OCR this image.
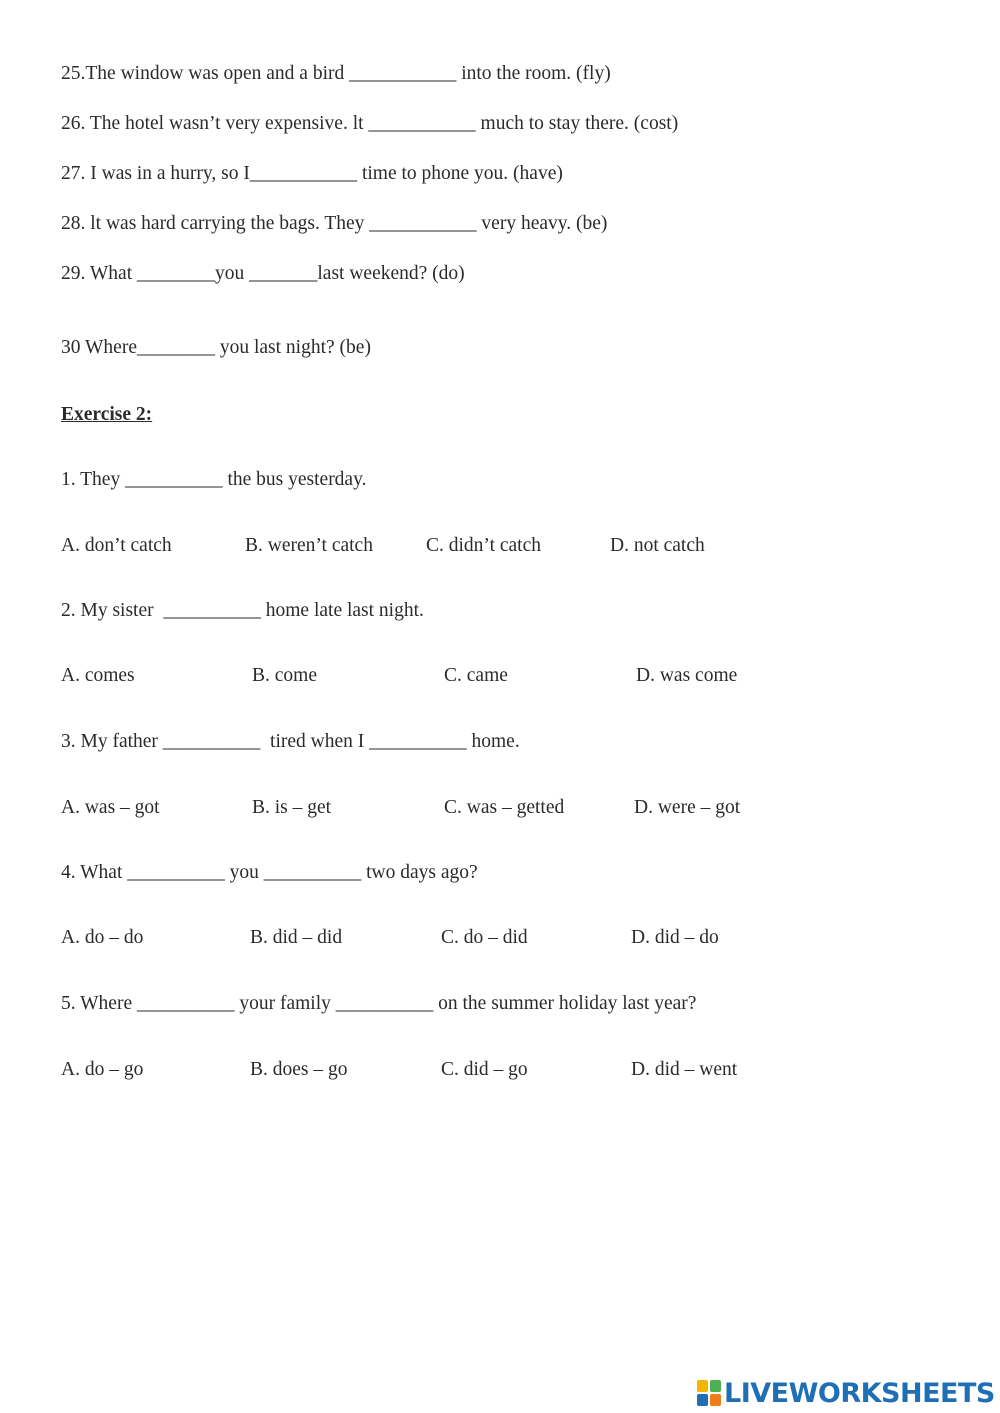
25.The window was open and a bird ___________ into the room. (fly)
26. The hotel wasn’t very expensive. lt ___________ much to stay there. (cost)
27. I was in a hurry, so I___________ time to phone you. (have)
28. lt was hard carrying the bags. They ___________ very heavy. (be)
29. What ________you _______last weekend? (do)
30 Where________ you last night? (be)
Exercise 2:
1. They __________ the bus yesterday.
A. don’t catch	B. weren’t catch	C. didn’t catch	D. not catch
2. My sister  __________ home late last night.
A. comes	B. come	C. came	D. was come
3. My father __________  tired when I __________ home.
A. was – got	B. is – get	C. was – getted	D. were – got
4. What __________ you __________ two days ago?
A. do – do	B. did – did	C. do – did	D. did – do
5. Where __________ your family __________ on the summer holiday last year?
A. do – go	B. does – go	C. did – go	D. did – went
LIVEWORKSHEETS
